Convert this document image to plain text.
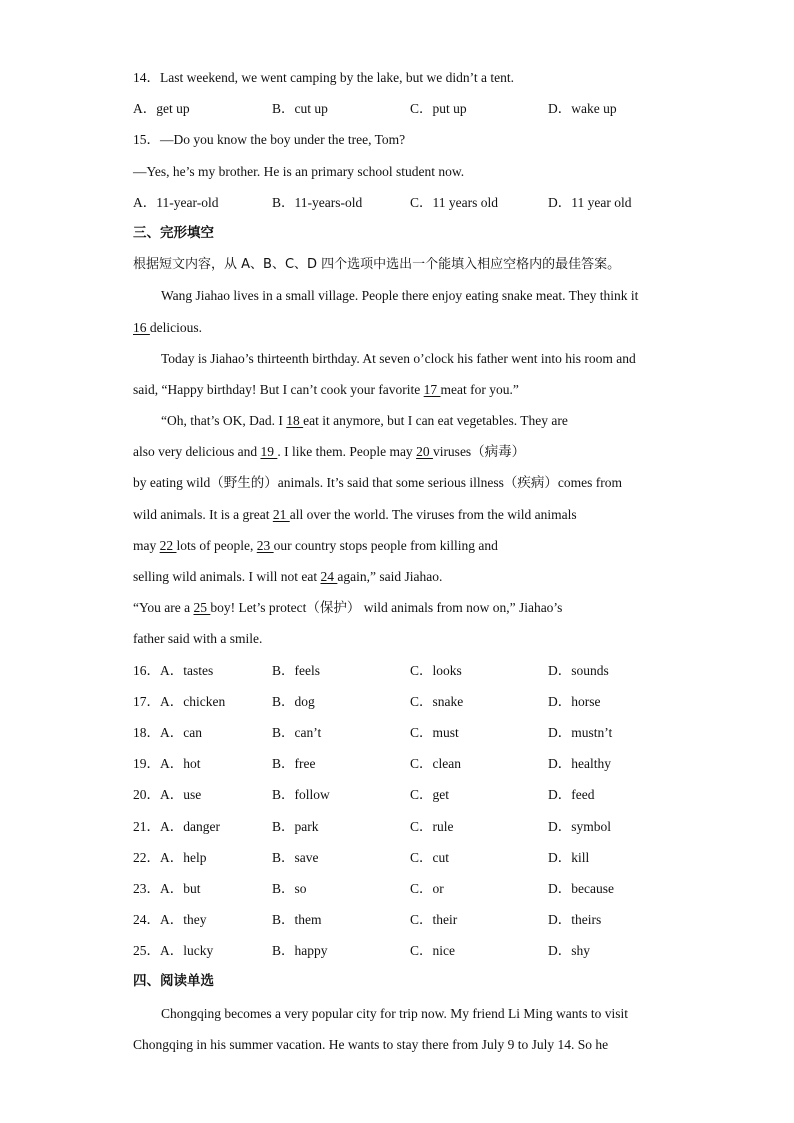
14．Last weekend, we went camping by the lake, but we didn’t a tent.
A．get up	B．cut up	C．put up	D．wake up
15．—Do you know the boy under the tree, Tom?
—Yes, he’s my brother. He is an primary school student now.
A．11-year-old	B．11-years-old	C．11 years old	D．11 year old
三、完形填空
根据短文内容，从 A、B、C、D 四个选项中选出一个能填入相应空格内的最佳答案。
Wang Jiahao lives in a small village. People there enjoy eating snake meat. They think it
16 delicious.
Today is Jiahao’s thirteenth birthday. At seven o’clock his father went into his room and
said, “Happy birthday! But I can’t cook your favorite 17 meat for you.”
“Oh, that’s OK, Dad. I 18 eat it anymore, but I can eat vegetables. They are
also very delicious and 19 . I like them. People may 20 viruses（病毒）
by eating wild（野生的）animals. It’s said that some serious illness（疾病）comes from
wild animals. It is a great 21 all over the world. The viruses from the wild animals
may 22 lots of people, 23 our country stops people from killing and
selling wild animals. I will not eat 24 again,” said Jiahao.
“You are a 25 boy! Let’s protect（保护） wild animals from now on,” Jiahao’s
father said with a smile.
16．A．tastes	B．feels	C．looks	D．sounds
17．A．chicken	B．dog	C．snake	D．horse
18．A．can	B．can’t	C．must	D．mustn’t
19．A．hot	B．free	C．clean	D．healthy
20．A．use	B．follow	C．get	D．feed
21．A．danger	B．park	C．rule	D．symbol
22．A．help	B．save	C．cut	D．kill
23．A．but	B．so	C．or	D．because
24．A．they	B．them	C．their	D．theirs
25．A．lucky	B．happy	C．nice	D．shy
四、阅读单选
Chongqing becomes a very popular city for trip now. My friend Li Ming wants to visit
Chongqing in his summer vacation. He wants to stay there from July 9 to July 14. So he
